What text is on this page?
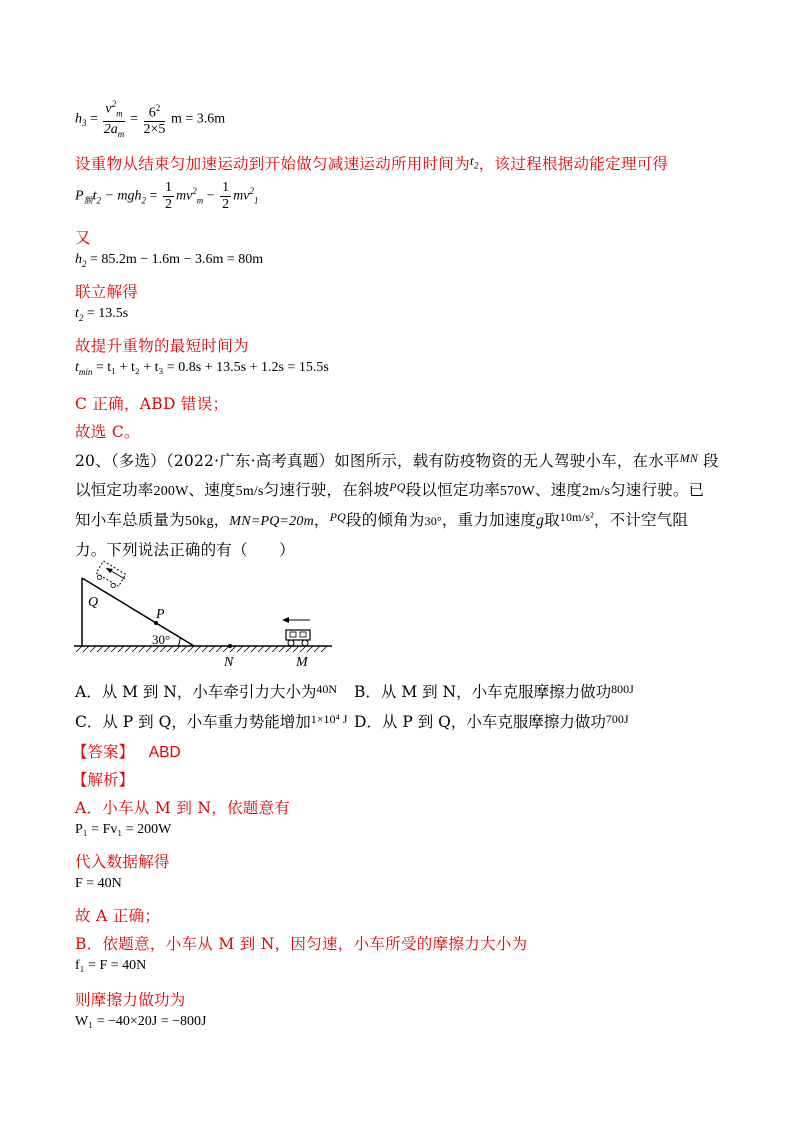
$h_3 = \frac{v^2_m}{2a_m} = \frac{6^2}{2\times 5}$ m = 3.6m
设重物从结束匀加速运动到开始做匀减速运动所用时间为$^{t_2}$，该过程根据动能定理可得
$P_额t_2 - mgh_2 = \frac{1}{2} mv^2_m - \frac{1}{2} mv^2_1$
又
$h_2 = 85.2m - 1.6m - 3.6m = 80m$
联立解得
$t_2 = 13.5s$
故提升重物的最短时间为
$t_{min} = t_1 + t_2 + t_3 = 0.8s + 13.5s + 1.2s = 15.5s$
C 正确，ABD 错误；
故选 C。
20、（多选）（2022·广东·高考真题）如图所示，载有防疫物资的无人驾驶小车，在水平$^{MN}$ 段
以恒定功率200W、速度5m/s匀速行驶，在斜坡$^{PQ}$段以恒定功率570W、速度2m/s匀速行驶。已
知小车总质量为50kg，MN=PQ=20m，$^{PQ}$段的倾角为30°，重力加速度g取$^{10m/s^2}$，不计空气阻
力。下列说法正确的有（　　）
Q
P
30°
N	M
A．从 M 到 N，小车牵引力大小为$^{40N}$ B．从 M 到 N，小车克服摩擦力做功$^{800J}$
C．从 P 到 Q，小车重力势能增加$^{1\times 10^4 J}$ D．从 P 到 Q，小车克服摩擦力做功$^{700J}$
【答案】 ABD
【解析】
A．小车从 M 到 N，依题意有
P₁ = Fv₁ = 200W
代入数据解得
F = 40N
故 A 正确；
B．依题意，小车从 M 到 N，因匀速，小车所受的摩擦力大小为
f₁ = F = 40N
则摩擦力做功为
W₁ = −40×20J = −800J
